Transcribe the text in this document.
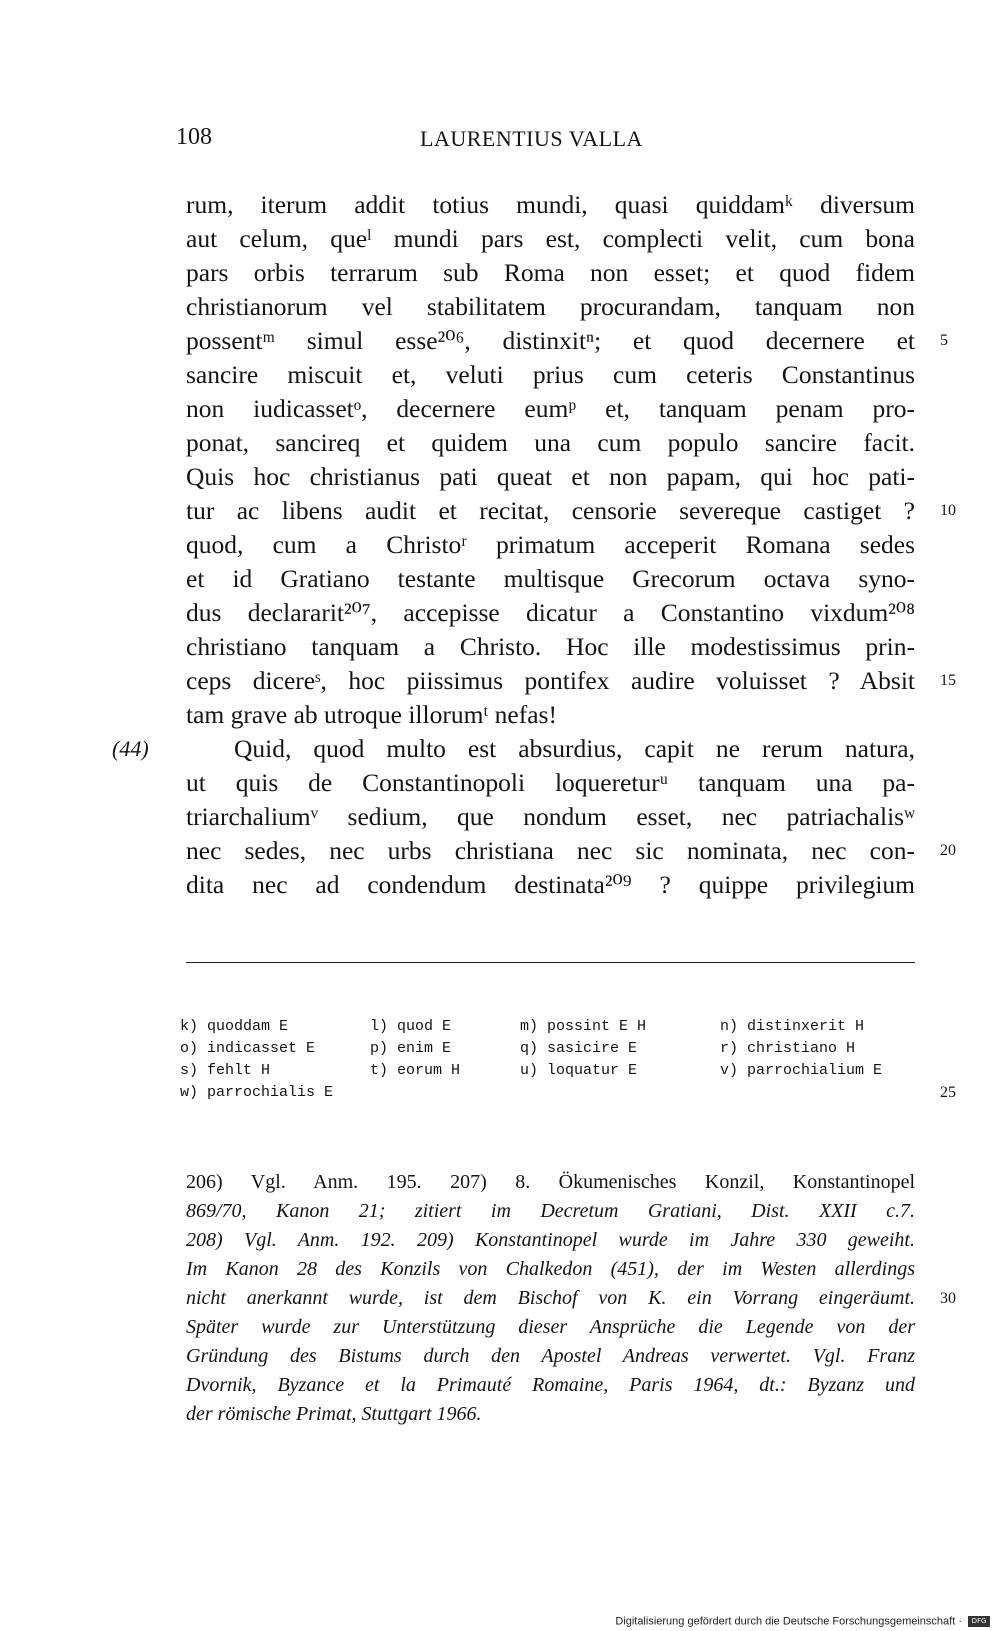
108	LAURENTIUS VALLA
rum, iterum addit totius mundi, quasi quiddamᵏ diversum
aut celum, queˡ mundi pars est, complecti velit, cum bona
pars orbis terrarum sub Roma non esset; et quod fidem
christianorum vel stabilitatem procurandam, tanquam non
possentᵐ simul esse²⁰⁶, distinxitⁿ; et quod decernere et 5
sancire miscuit et, veluti prius cum ceteris Constantinus
non iudicassetᵒ, decernere eumᵖ et, tanquam penam pro-
ponat, sancireq et quidem una cum populo sancire facit.
Quis hoc christianus pati queat et non papam, qui hoc pati-
tur ac libens audit et recitat, censorie severeque castiget ? 10
quod, cum a Christoʳ primatum acceperit Romana sedes
et id Gratiano testante multisque Grecorum octava syno-
dus declararit²⁰⁷, accepisse dicatur a Constantino vixdum²⁰⁸
christiano tanquam a Christo. Hoc ille modestissimus prin-
ceps dicereˢ, hoc piissimus pontifex audire voluisset ? Absit 15
tam grave ab utroque illorumᵗ nefas!
Quid, quod multo est absurdius, capit ne rerum natura,
(44)
ut quis de Constantinopoli loquereturᵘ tanquam una pa-
triarchaliumᵛ sedium, que nondum esset, nec patriachalisʷ
nec sedes, nec urbs christiana nec sic nominata, nec con- 20
dita nec ad condendum destinata²⁰⁹ ? quippe privilegium
k) quoddam E	l) quod E	m) possint E H	n) distinxerit H
o) indicasset E	p) enim E	q) sasicire E	r) christiano H
s) fehlt H	t) eorum H	u) loquatur E	v) parrochialium E
w) parrochialis E	25
206) Vgl. Anm. 195. 207) 8. Ökumenisches Konzil, Konstantinopel
869/70, Kanon 21; zitiert im Decretum Gratiani, Dist. XXII c.7.
208) Vgl. Anm. 192. 209) Konstantinopel wurde im Jahre 330 geweiht.
Im Kanon 28 des Konzils von Chalkedon (451), der im Westen allerdings
nicht anerkannt wurde, ist dem Bischof von K. ein Vorrang eingeräumt.
Später wurde zur Unterstützung dieser Ansprüche die Legende von der
Gründung des Bistums durch den Apostel Andreas verwertet. Vgl. Franz
Dvornik, Byzance et la Primauté Romaine, Paris 1964, dt.: Byzanz und
der römische Primat, Stuttgart 1966.
30
Digitalisierung gefördert durch die Deutsche Forschungsgemeinschaft · DFG
